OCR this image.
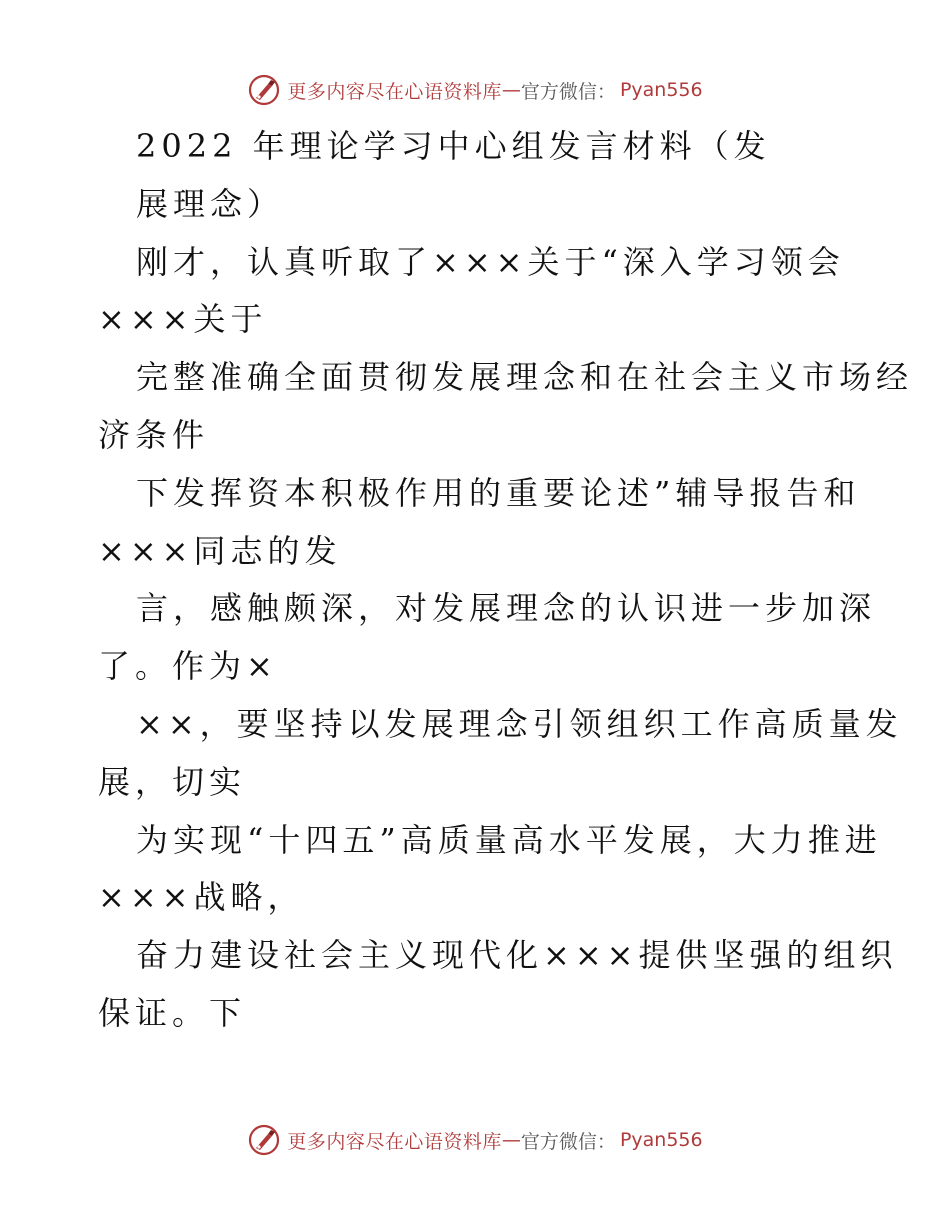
更多内容尽在心语资料库 — 官方微信： Pyan556
2022 年理论学习中心组发言材料（发
展理念）
刚才，认真听取了×××关于“深入学习领会
×××关于
完整准确全面贯彻发展理念和在社会主义市场经
济条件
下发挥资本积极作用的重要论述”辅导报告和
×××同志的发
言，感触颇深，对发展理念的认识进一步加深
了。作为×
××，要坚持以发展理念引领组织工作高质量发
展，切实
为实现“十四五”高质量高水平发展，大力推进
×××战略，
奋力建设社会主义现代化×××提供坚强的组织
保证。下
更多内容尽在心语资料库 — 官方微信： Pyan556
